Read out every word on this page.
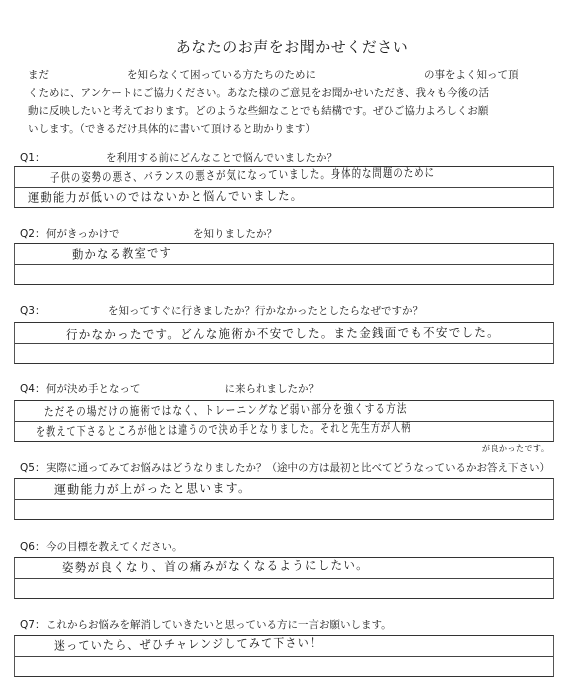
あなたのお声をお聞かせください
まだ	を知らなくて困っている方たちのために	の事をよく知って頂
くために、アンケートにご協力ください。あなた様のご意見をお聞かせいただき、我々も今後の活
動に反映したいと考えております。どのような些細なことでも結構です。ぜひご協力よろしくお願
いします。（できるだけ具体的に書いて頂けると助かります）
Q1：	を利用する前にどんなことで悩んでいましたか？
子供の姿勢の悪さ、バランスの悪さが気になっていました。身体的な問題のために
運動能力が低いのではないかと悩んでいました。
Q2：何がきっかけで　　　　　　　を知りましたか？
動かなる教室です
Q3：	を知ってすぐに行きましたか？行かなかったとしたらなぜですか？
行かなかったです。どんな施術か不安でした。また金銭面でも不安でした。
Q4：何が決め手となって　　　　　　　　に来られましたか？
ただその場だけの施術ではなく、トレーニングなど弱い部分を強くする方法
を教えて下さるところが他とは違うので決め手となりました。それと先生方が人柄
が良かったです。
Q5：実際に通ってみてお悩みはどうなりましたか？（途中の方は最初と比べてどうなっているかお答え下さい）
運動能力が上がったと思います。
Q6：今の目標を教えてください。
姿勢が良くなり、首の痛みがなくなるようにしたい。
Q7：これからお悩みを解消していきたいと思っている方に一言お願いします。
迷っていたら、ぜひチャレンジしてみて下さい！
